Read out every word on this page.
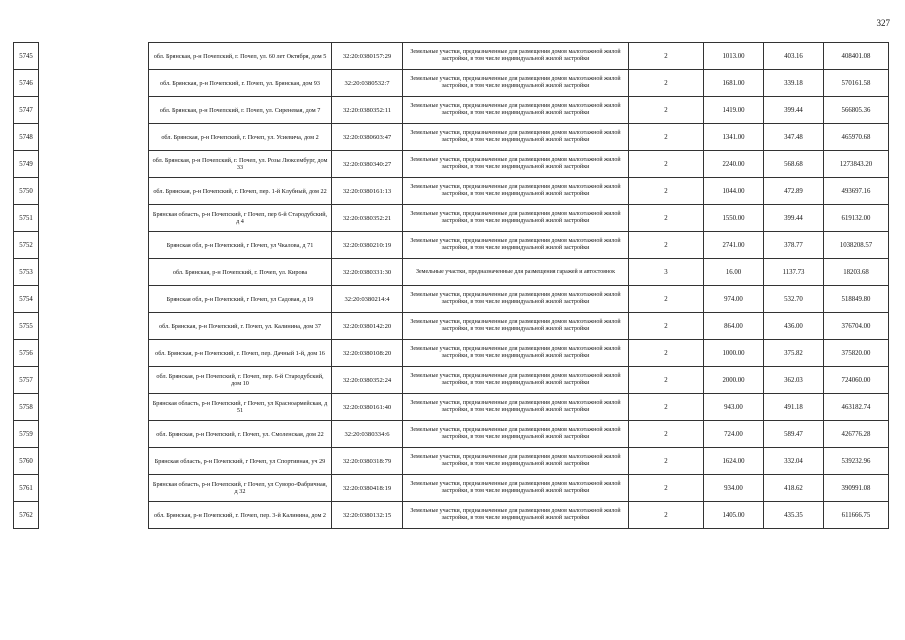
327
5745		обл. Брянская, р-н Почепский, г. Почеп, ул. 60 лет Октября, дом 5	32:20:0380157:29	Земельные участки, предназначенные для размещения домов малоэтажной жилой застройки, в том числе индивидуальной жилой застройки	2	1013.00	403.16	408401.08
5746		обл. Брянская, р-н Почепский, г. Почеп, ул. Брянская, дом 93	32:20:0380532:7	Земельные участки, предназначенные для размещения домов малоэтажной жилой застройки, в том числе индивидуальной жилой застройки	2	1681.00	339.18	570161.58
5747		обл. Брянская, р-н Почепский, г. Почеп, ул. Сиреневая, дом 7	32:20:0380352:11	Земельные участки, предназначенные для размещения домов малоэтажной жилой застройки, в том числе индивидуальной жилой застройки	2	1419.00	399.44	566805.36
5748		обл. Брянская, р-н Почепский, г. Почеп, ул. Усиевича, дом 2	32:20:0380603:47	Земельные участки, предназначенные для размещения домов малоэтажной жилой застройки, в том числе индивидуальной жилой застройки	2	1341.00	347.48	465970.68
5749		обл. Брянская, р-н Почепский, г. Почеп, ул. Розы Люксембург, дом 33	32:20:0380340:27	Земельные участки, предназначенные для размещения домов малоэтажной жилой застройки, в том числе индивидуальной жилой застройки	2	2240.00	568.68	1273843.20
5750		обл. Брянская, р-н Почепский, г. Почеп, пер. 1-й Клубный, дом 22	32:20:0380161:13	Земельные участки, предназначенные для размещения домов малоэтажной жилой застройки, в том числе индивидуальной жилой застройки	2	1044.00	472.89	493697.16
5751		Брянская область, р-н Почепский, г Почеп, пер 6-й Стародубский, д 4	32:20:0380352:21	Земельные участки, предназначенные для размещения домов малоэтажной жилой застройки, в том числе индивидуальной жилой застройки	2	1550.00	399.44	619132.00
5752		Брянская обл, р-н Почепский, г Почеп, ул Чкалова, д 71	32:20:0380210:19	Земельные участки, предназначенные для размещения домов малоэтажной жилой застройки, в том числе индивидуальной жилой застройки	2	2741.00	378.77	1038208.57
5753		обл. Брянская, р-н Почепский, г. Почеп, ул. Кирова	32:20:0380331:30	Земельные участки, предназначенные для размещения гаражей и автостоянок	3	16.00	1137.73	18203.68
5754		Брянская обл, р-н Почепский, г Почеп, ул Садовая, д 19	32:20:0380214:4	Земельные участки, предназначенные для размещения домов малоэтажной жилой застройки, в том числе индивидуальной жилой застройки	2	974.00	532.70	518849.80
5755		обл. Брянская, р-н Почепский, г. Почеп, ул. Калинина, дом 37	32:20:0380142:20	Земельные участки, предназначенные для размещения домов малоэтажной жилой застройки, в том числе индивидуальной жилой застройки	2	864.00	436.00	376704.00
5756		обл. Брянская, р-н Почепский, г. Почеп, пер. Дачный 1-й, дом 16	32:20:0380108:20	Земельные участки, предназначенные для размещения домов малоэтажной жилой застройки, в том числе индивидуальной жилой застройки	2	1000.00	375.82	375820.00
5757		обл. Брянская, р-н Почепский, г. Почеп, пер. 6-й Стародубский, дом 10	32:20:0380352:24	Земельные участки, предназначенные для размещения домов малоэтажной жилой застройки, в том числе индивидуальной жилой застройки	2	2000.00	362.03	724060.00
5758		Брянская область, р-н Почепский, г Почеп, ул Красноармейская, д 51	32:20:0380161:40	Земельные участки, предназначенные для размещения домов малоэтажной жилой застройки, в том числе индивидуальной жилой застройки	2	943.00	491.18	463182.74
5759		обл. Брянская, р-н Почепский, г. Почеп, ул. Смоленская, дом 22	32:20:0380334:6	Земельные участки, предназначенные для размещения домов малоэтажной жилой застройки, в том числе индивидуальной жилой застройки	2	724.00	589.47	426776.28
5760		Брянская область, р-н Почепский, г Почеп, ул Спортивная, уч 29	32:20:0380318:79	Земельные участки, предназначенные для размещения домов малоэтажной жилой застройки, в том числе индивидуальной жилой застройки	2	1624.00	332.04	539232.96
5761		Брянская область, р-н Почепский, г Почеп, ул Суворо-Фабричная, д 32	32:20:0380418:19	Земельные участки, предназначенные для размещения домов малоэтажной жилой застройки, в том числе индивидуальной жилой застройки	2	934.00	418.62	390991.08
5762		обл. Брянская, р-н Почепский, г. Почеп, пер. 3-й Калинина, дом 2	32:20:0380132:15	Земельные участки, предназначенные для размещения домов малоэтажной жилой застройки, в том числе индивидуальной жилой застройки	2	1405.00	435.35	611666.75
